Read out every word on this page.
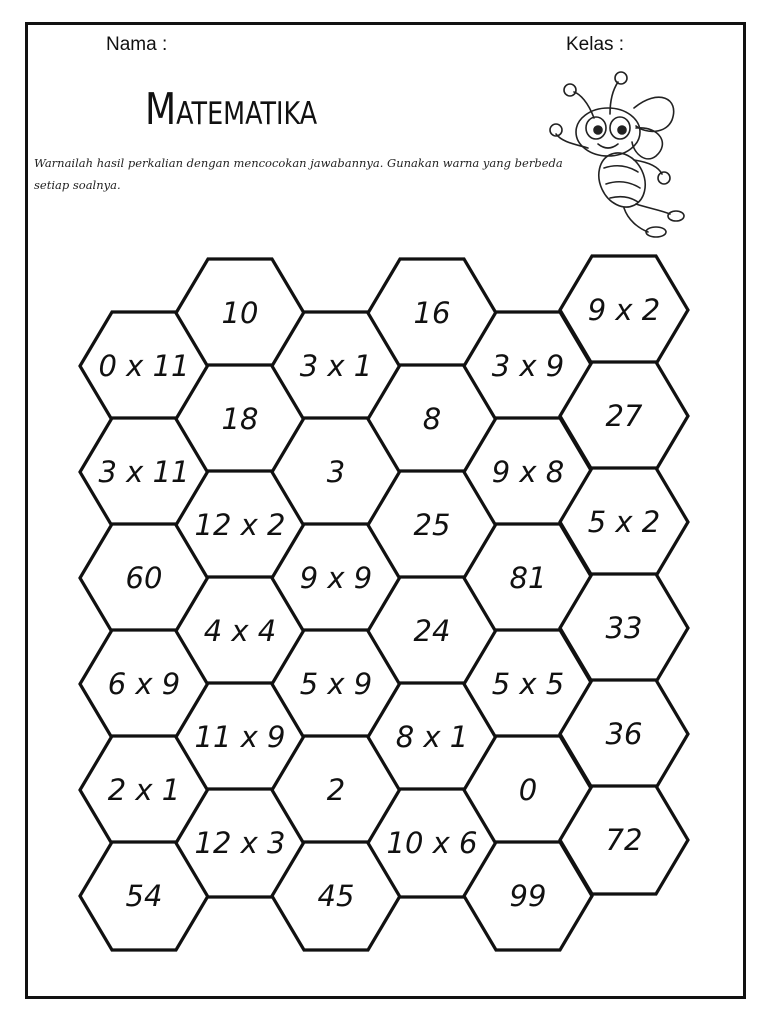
Nama :	Kelas :
Matematika
Warnailah hasil perkalian dengan mencocokan jawabannya. Gunakan warna yang berbeda setiap soalnya.
0 x 11
3 x 11
60
6 x 9
2 x 1
54
10
18
12 x 2
4 x 4
11 x 9
12 x 3
3 x 1
3
9 x 9
5 x 9
2
45
16
8
25
24
8 x 1
10 x 6
3 x 9
9 x 8
81
5 x 5
0
99
9 x 2
27
5 x 2
33
36
72
